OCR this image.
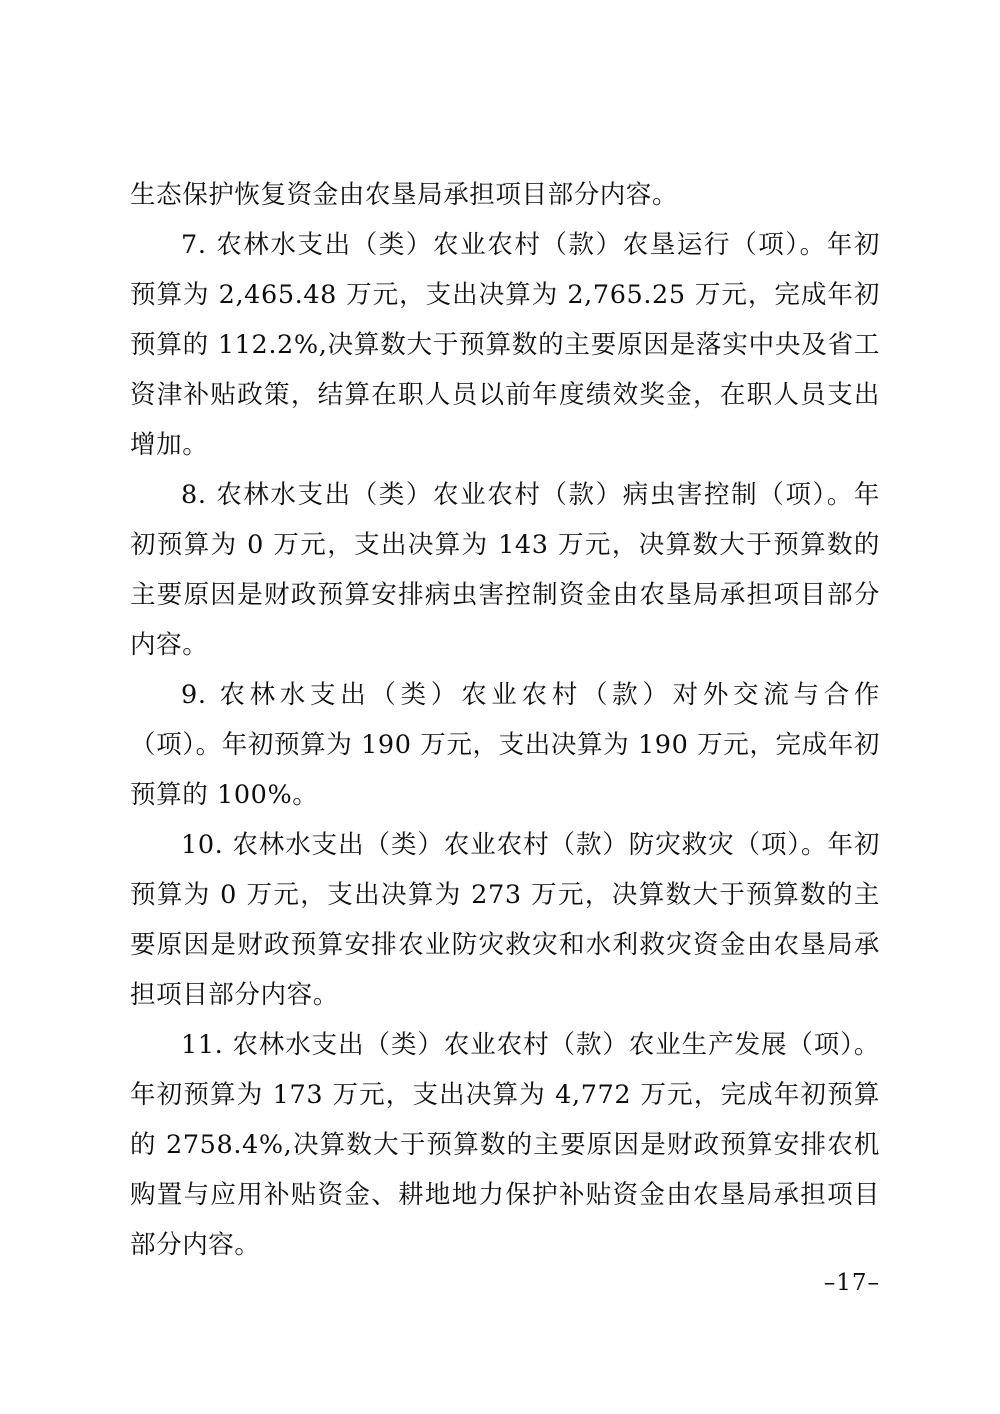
生态保护恢复资金由农垦局承担项目部分内容。

7. 农林水支出（类）农业农村（款）农垦运行（项）。年初预算为 2,465.48 万元，支出决算为 2,765.25 万元，完成年初预算的 112.2%,决算数大于预算数的主要原因是落实中央及省工资津补贴政策，结算在职人员以前年度绩效奖金，在职人员支出增加。

8. 农林水支出（类）农业农村（款）病虫害控制（项）。年初预算为 0 万元，支出决算为 143 万元，决算数大于预算数的主要原因是财政预算安排病虫害控制资金由农垦局承担项目部分内容。

9. 农林水支出（类）农业农村（款）对外交流与合作（项）。年初预算为 190 万元，支出决算为 190 万元，完成年初预算的 100%。

10. 农林水支出（类）农业农村（款）防灾救灾（项）。年初预算为 0 万元，支出决算为 273 万元，决算数大于预算数的主要原因是财政预算安排农业防灾救灾和水利救灾资金由农垦局承担项目部分内容。

11. 农林水支出（类）农业农村（款）农业生产发展（项）。年初预算为 173 万元，支出决算为 4,772 万元，完成年初预算的 2758.4%,决算数大于预算数的主要原因是财政预算安排农机购置与应用补贴资金、耕地地力保护补贴资金由农垦局承担项目部分内容。

–17–
